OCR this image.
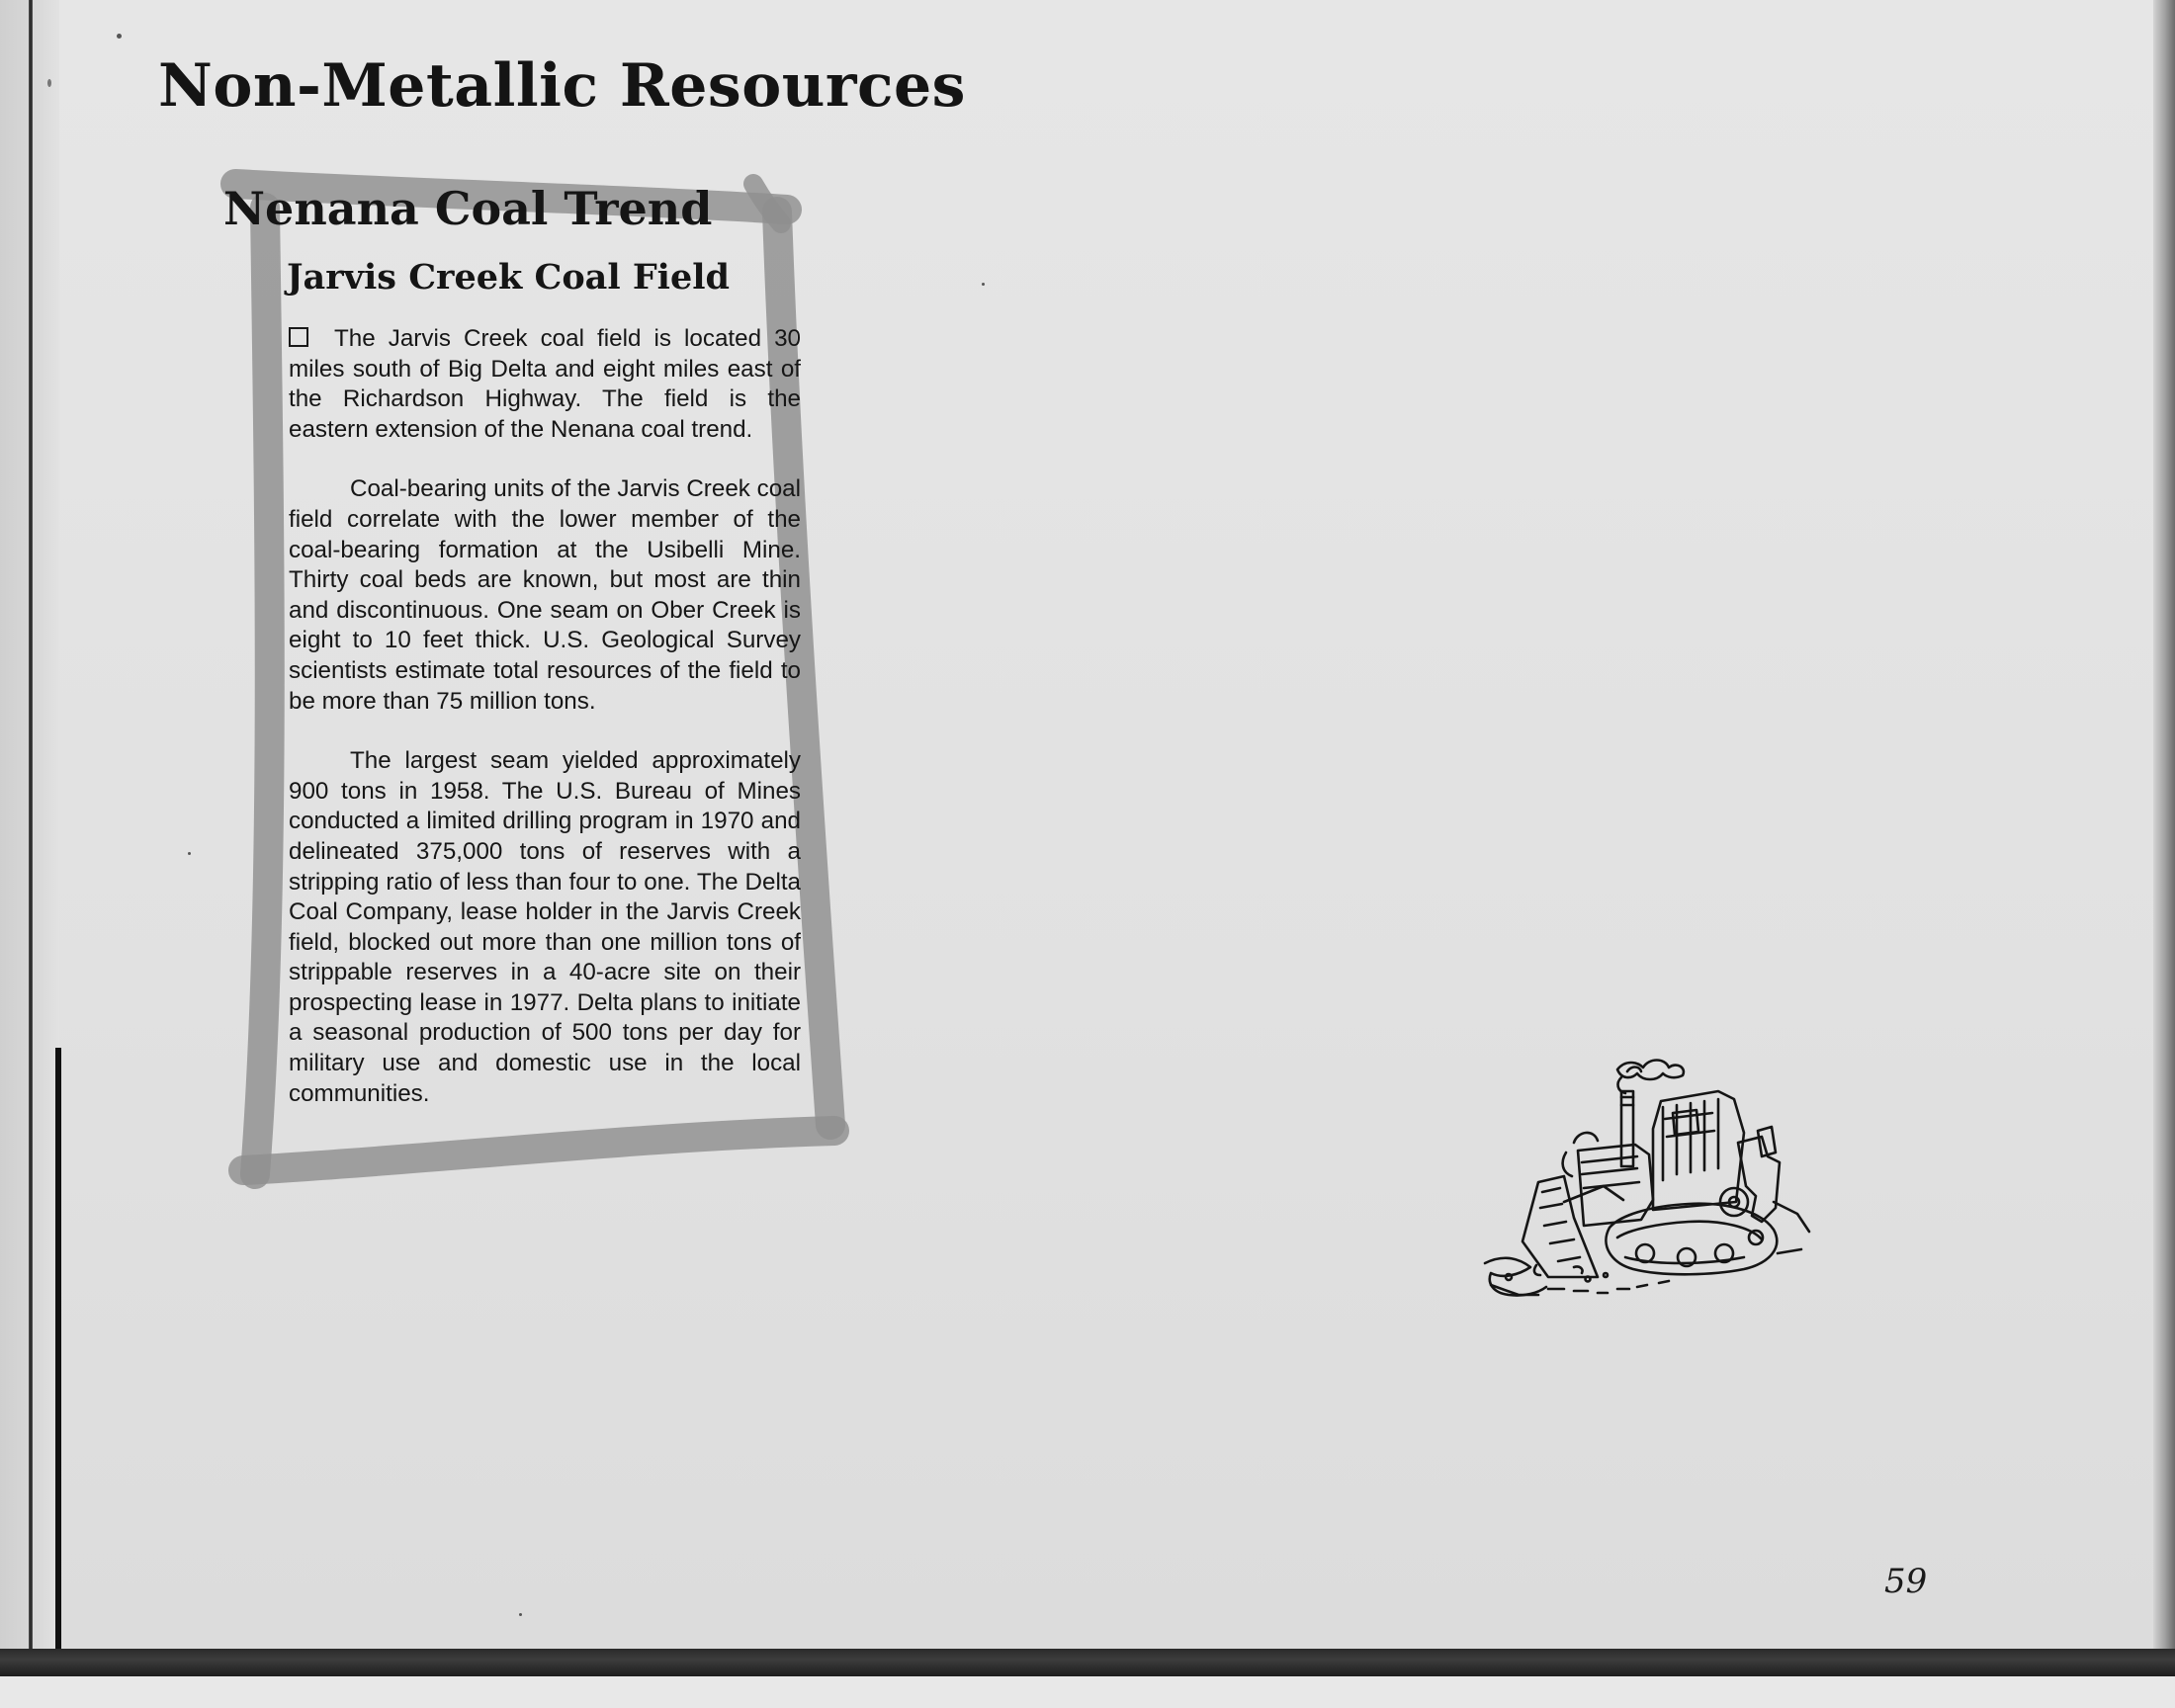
Non-Metallic Resources
Nenana Coal Trend
Jarvis Creek Coal Field

The Jarvis Creek coal field is located 30 miles south of Big Delta and eight miles east of the Richardson Highway. The field is the eastern extension of the Nenana coal trend.

Coal-bearing units of the Jarvis Creek coal field correlate with the lower member of the coal-bearing formation at the Usibelli Mine. Thirty coal beds are known, but most are thin and discontinuous. One seam on Ober Creek is eight to 10 feet thick. U.S. Geological Survey scientists estimate total resources of the field to be more than 75 million tons.

The largest seam yielded approximately 900 tons in 1958. The U.S. Bureau of Mines conducted a limited drilling program in 1970 and delineated 375,000 tons of reserves with a stripping ratio of less than four to one. The Delta Coal Company, lease holder in the Jarvis Creek field, blocked out more than one million tons of strippable reserves in a 40-acre site on their prospecting lease in 1977. Delta plans to initiate a seasonal production of 500 tons per day for military use and domestic use in the local communities.

59
